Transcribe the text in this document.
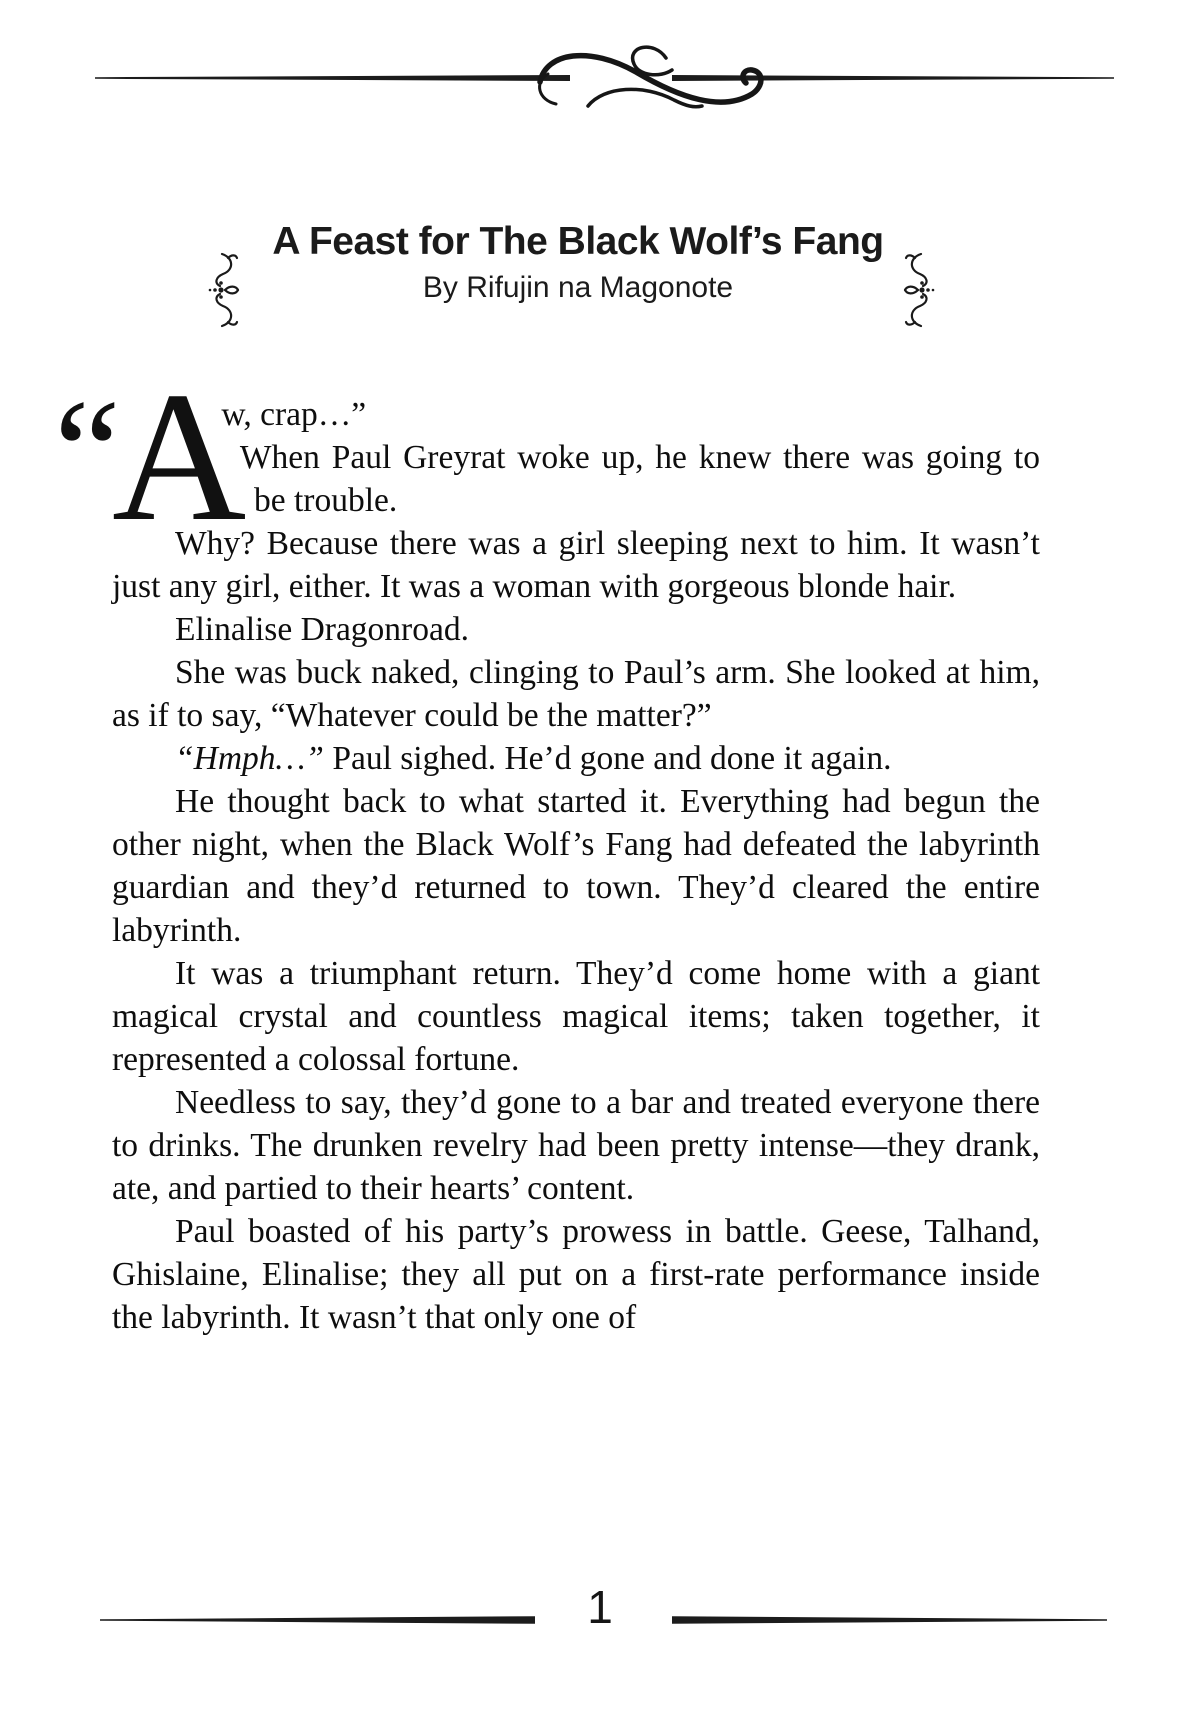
A Feast for The Black Wolf’s Fang
By Rifujin na Magonote
“

A
w, crap…”
When Paul Greyrat woke up, he knew there was going to be trouble.

Why? Because there was a girl sleeping next to him. It wasn’t just any girl, either. It was a woman with gorgeous blonde hair.

Elinalise Dragonroad.

She was buck naked, clinging to Paul’s arm. She looked at him, as if to say, “Whatever could be the matter?”

“Hmph…” Paul sighed. He’d gone and done it again.

He thought back to what started it. Everything had begun the other night, when the Black Wolf’s Fang had defeated the labyrinth guardian and they’d returned to town. They’d cleared the entire labyrinth.

It was a triumphant return. They’d come home with a giant magical crystal and countless magical items; taken together, it represented a colossal fortune.

Needless to say, they’d gone to a bar and treated everyone there to drinks. The drunken revelry had been pretty intense—they drank, ate, and partied to their hearts’ content.

Paul boasted of his party’s prowess in battle. Geese, Talhand, Ghislaine, Elinalise; they all put on a first-rate performance inside the labyrinth. It wasn’t that only one of

1
